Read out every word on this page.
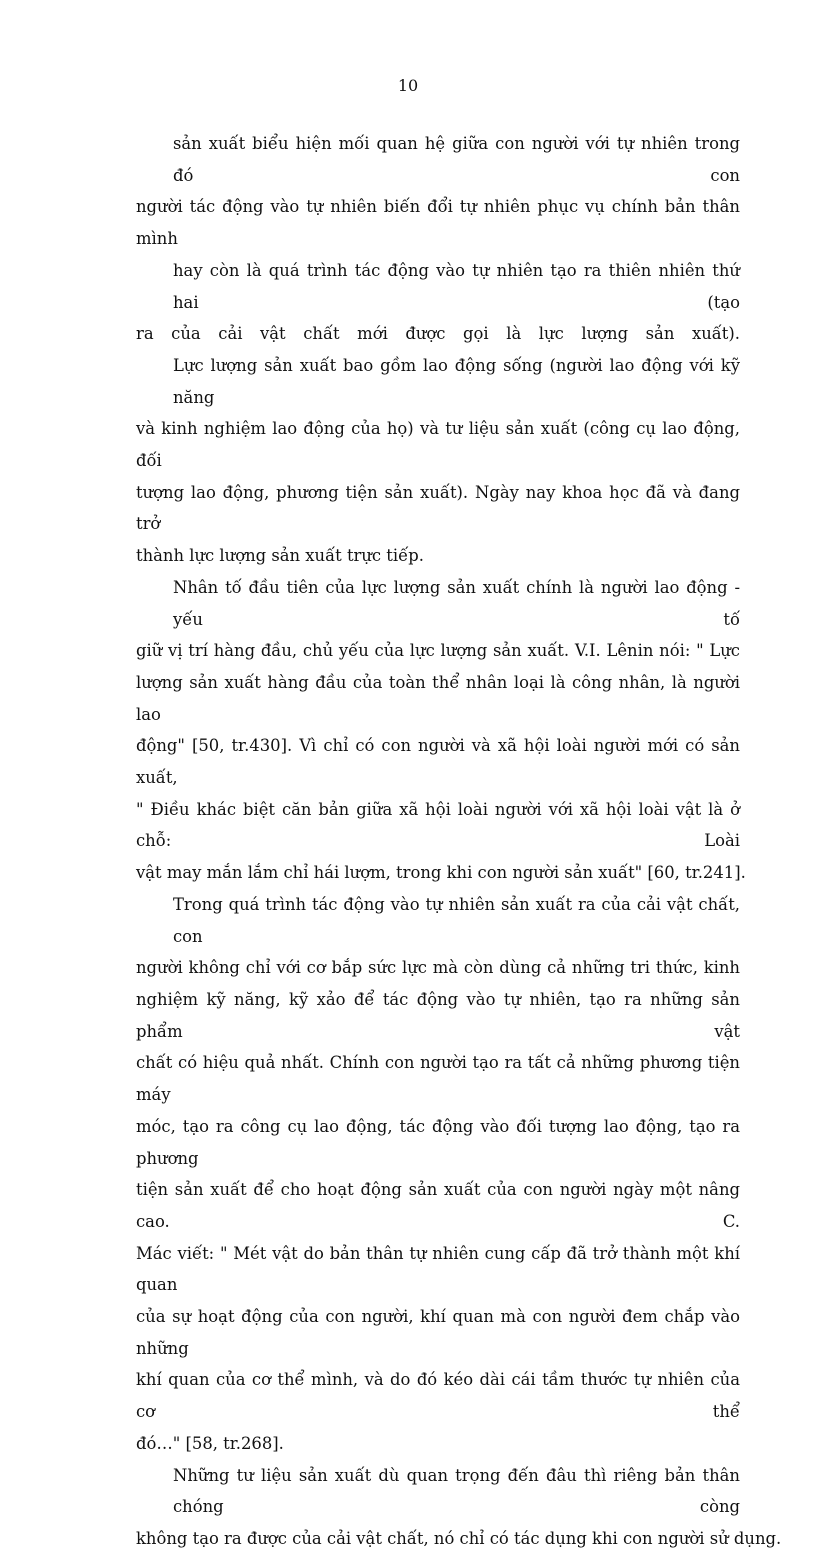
10
sản xuất biểu hiện mối quan hệ giữa con người với tự nhiên trong đó con
người tác động vào tự nhiên biến đổi tự nhiên phục vụ chính bản thân mình
hay còn là quá trình tác động vào tự nhiên tạo ra thiên nhiên thứ hai (tạo
ra của cải vật chất mới được gọi là lực lượng sản xuất).
Lực lượng sản xuất bao gồm lao động sống (người lao động với kỹ năng
và kinh nghiệm lao động của họ) và tư liệu sản xuất (công cụ lao động, đối
tượng lao động, phương tiện sản xuất). Ngày nay khoa học đã và đang trở
thành lực lượng sản xuất trực tiếp.
Nhân tố đầu tiên của lực lượng sản xuất chính là người lao động - yếu tố
giữ vị trí hàng đầu, chủ yếu của lực lượng sản xuất. V.I. Lênin nói: " Lực
lượng sản xuất hàng đầu của toàn thể nhân loại là công nhân, là người lao
động" [50, tr.430]. Vì chỉ có con người và xã hội loài người mới có sản xuất,
" Điều khác biệt căn bản giữa xã hội loài người với xã hội loài vật là ở chỗ: Loài
vật may mắn lắm chỉ hái lượm, trong khi con người sản xuất" [60, tr.241].
Trong quá trình tác động vào tự nhiên sản xuất ra của cải vật chất, con
người không chỉ với cơ bắp sức lực mà còn dùng cả những tri thức, kinh
nghiệm kỹ năng, kỹ xảo để tác động vào tự nhiên, tạo ra những sản phẩm vật
chất có hiệu quả nhất. Chính con người tạo ra tất cả những phương tiện máy
móc, tạo ra công cụ lao động, tác động vào đối tượng lao động, tạo ra phương
tiện sản xuất để cho hoạt động sản xuất của con người ngày một nâng cao. C.
Mác viết: " Mét vật do bản thân tự nhiên cung cấp đã trở thành một khí quan
của sự hoạt động của con người, khí quan mà con người đem chắp vào những
khí quan của cơ thể mình, và do đó kéo dài cái tầm thước tự nhiên của cơ thể
đó…" [58, tr.268].
Những tư liệu sản xuất dù quan trọng đến đâu thì riêng bản thân chóng còng
không tạo ra được của cải vật chất, nó chỉ có tác dụng khi con người sử dụng.
